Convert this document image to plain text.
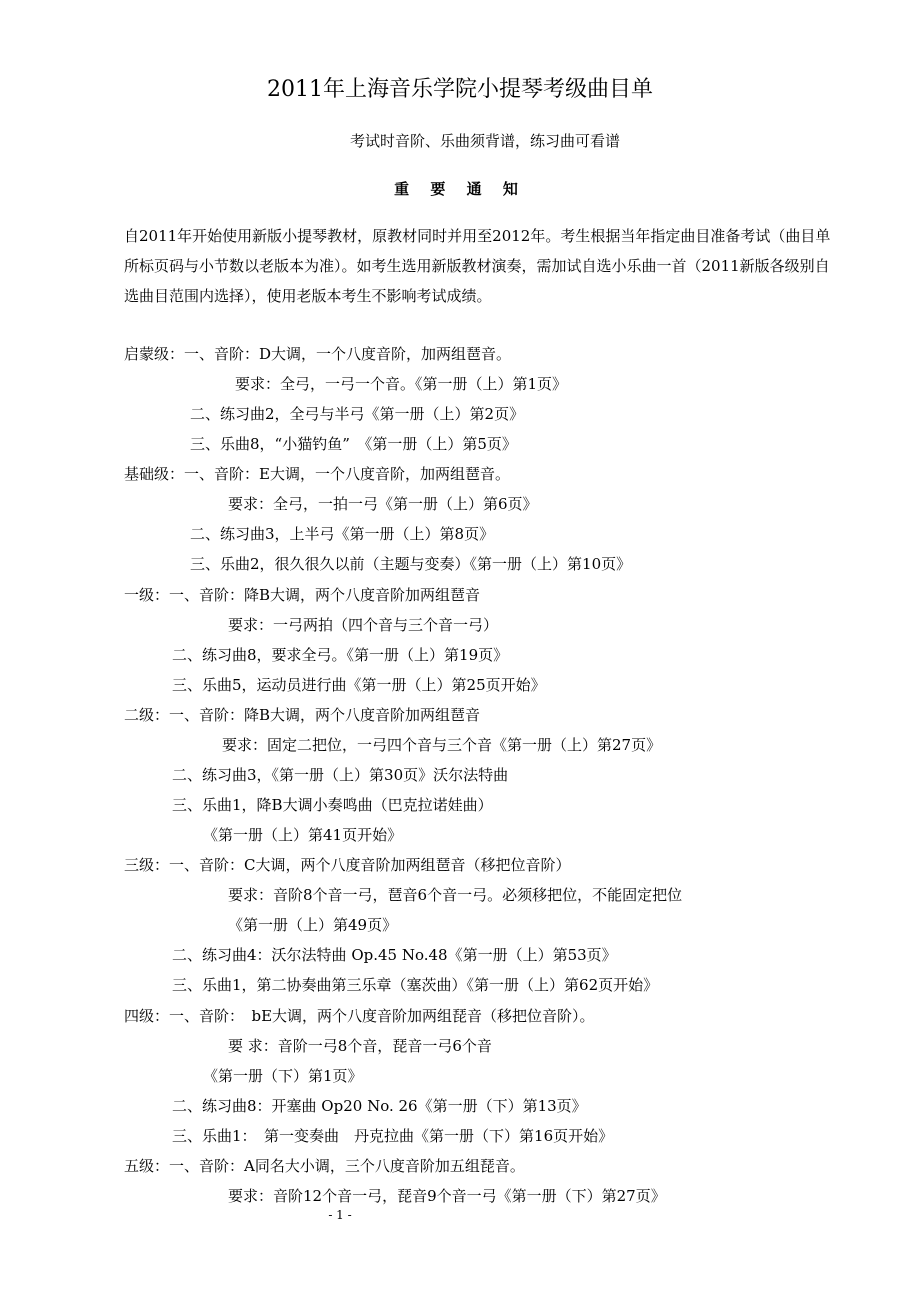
2011年上海音乐学院小提琴考级曲目单
考试时音阶、乐曲须背谱，练习曲可看谱
重 要 通 知
自2011年开始使用新版小提琴教材，原教材同时并用至2012年。考生根据当年指定曲目准备考试（曲目单所标页码与小节数以老版本为准）。如考生选用新版教材演奏，需加试自选小乐曲一首（2011新版各级别自选曲目范围内选择），使用老版本考生不影响考试成绩。
启蒙级：一、音阶：D大调，一个八度音阶，加两组琶音。
要求：全弓，一弓一个音。《第一册（上）第1页》
二、练习曲2，全弓与半弓《第一册（上）第2页》
三、乐曲8，“小猫钓鱼”　《第一册（上）第5页》
基础级：一、音阶：E大调，一个八度音阶，加两组琶音。
要求：全弓，一拍一弓《第一册（上）第6页》
二、练习曲3，上半弓《第一册（上）第8页》
三、乐曲2，很久很久以前（主题与变奏）《第一册（上）第10页》
一级：一、音阶：降B大调，两个八度音阶加两组琶音
要求：一弓两拍（四个音与三个音一弓）
二、练习曲8，要求全弓。《第一册（上）第19页》
三、乐曲5，运动员进行曲《第一册（上）第25页开始》
二级：一、音阶：降B大调，两个八度音阶加两组琶音
要求：固定二把位，一弓四个音与三个音《第一册（上）第27页》
二、练习曲3，《第一册（上）第30页》沃尔法特曲
三、乐曲1，降B大调小奏鸣曲（巴克拉诺娃曲）
《第一册（上）第41页开始》
三级：一、音阶：C大调，两个八度音阶加两组琶音（移把位音阶）
要求：音阶8个音一弓，琶音6个音一弓。必须移把位，不能固定把位
《第一册（上）第49页》
二、练习曲4：沃尔法特曲 Op.45 No.48《第一册（上）第53页》
三、乐曲1，第二协奏曲第三乐章（塞茨曲）《第一册（上）第62页开始》
四级：一、音阶：　bE大调，两个八度音阶加两组琵音（移把位音阶）。
要 求：音阶一弓8个音，琵音一弓6个音
《第一册（下）第1页》
二、练习曲8：开塞曲 Op20 No. 26《第一册（下）第13页》
三、乐曲1：　第一变奏曲　丹克拉曲《第一册（下）第16页开始》
五级：一、音阶：A同名大小调，三个八度音阶加五组琵音。
要求：音阶12个音一弓，琵音9个音一弓《第一册（下）第27页》
- 1 -
